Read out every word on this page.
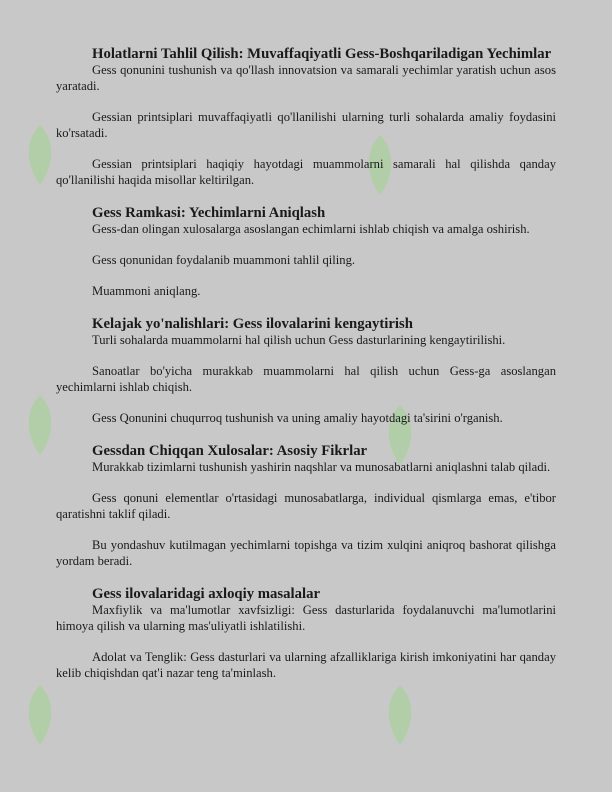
Holatlarni Tahlil Qilish: Muvaffaqiyatli Gess-Boshqariladigan Yechimlar

Gess qonunini tushunish va qo'llash innovatsion va samarali yechimlar yaratish uchun asos yaratadi.

Gessian printsiplari muvaffaqiyatli qo'llanilishi ularning turli sohalarda amaliy foydasini ko'rsatadi.

Gessian printsiplari haqiqiy hayotdagi muammolarni samarali hal qilishda qanday qo'llanilishi haqida misollar keltirilgan.

Gess Ramkasi: Yechimlarni Aniqlash

Gess-dan olingan xulosalarga asoslangan echimlarni ishlab chiqish va amalga oshirish.

Gess qonunidan foydalanib muammoni tahlil qiling.

Muammoni aniqlang.

Kelajak yo'nalishlari: Gess ilovalarini kengaytirish

Turli sohalarda muammolarni hal qilish uchun Gess dasturlarining kengaytirilishi.

Sanoatlar bo'yicha murakkab muammolarni hal qilish uchun Gess-ga asoslangan yechimlarni ishlab chiqish.

Gess Qonunini chuqurroq tushunish va uning amaliy hayotdagi ta'sirini o'rganish.

Gessdan Chiqqan Xulosalar: Asosiy Fikrlar

Murakkab tizimlarni tushunish yashirin naqshlar va munosabatlarni aniqlashni talab qiladi.

Gess qonuni elementlar o'rtasidagi munosabatlarga, individual qismlarga emas, e'tibor qaratishni taklif qiladi.

Bu yondashuv kutilmagan yechimlarni topishga va tizim xulqini aniqroq bashorat qilishga yordam beradi.

Gess ilovalaridagi axloqiy masalalar

Maxfiylik va ma'lumotlar xavfsizligi: Gess dasturlarida foydalanuvchi ma'lumotlarini himoya qilish va ularning mas'uliyatli ishlatilishi.

Adolat va Tenglik: Gess dasturlari va ularning afzalliklariga kirish imkoniyatini har qanday kelib chiqishdan qat'i nazar teng ta'minlash.
